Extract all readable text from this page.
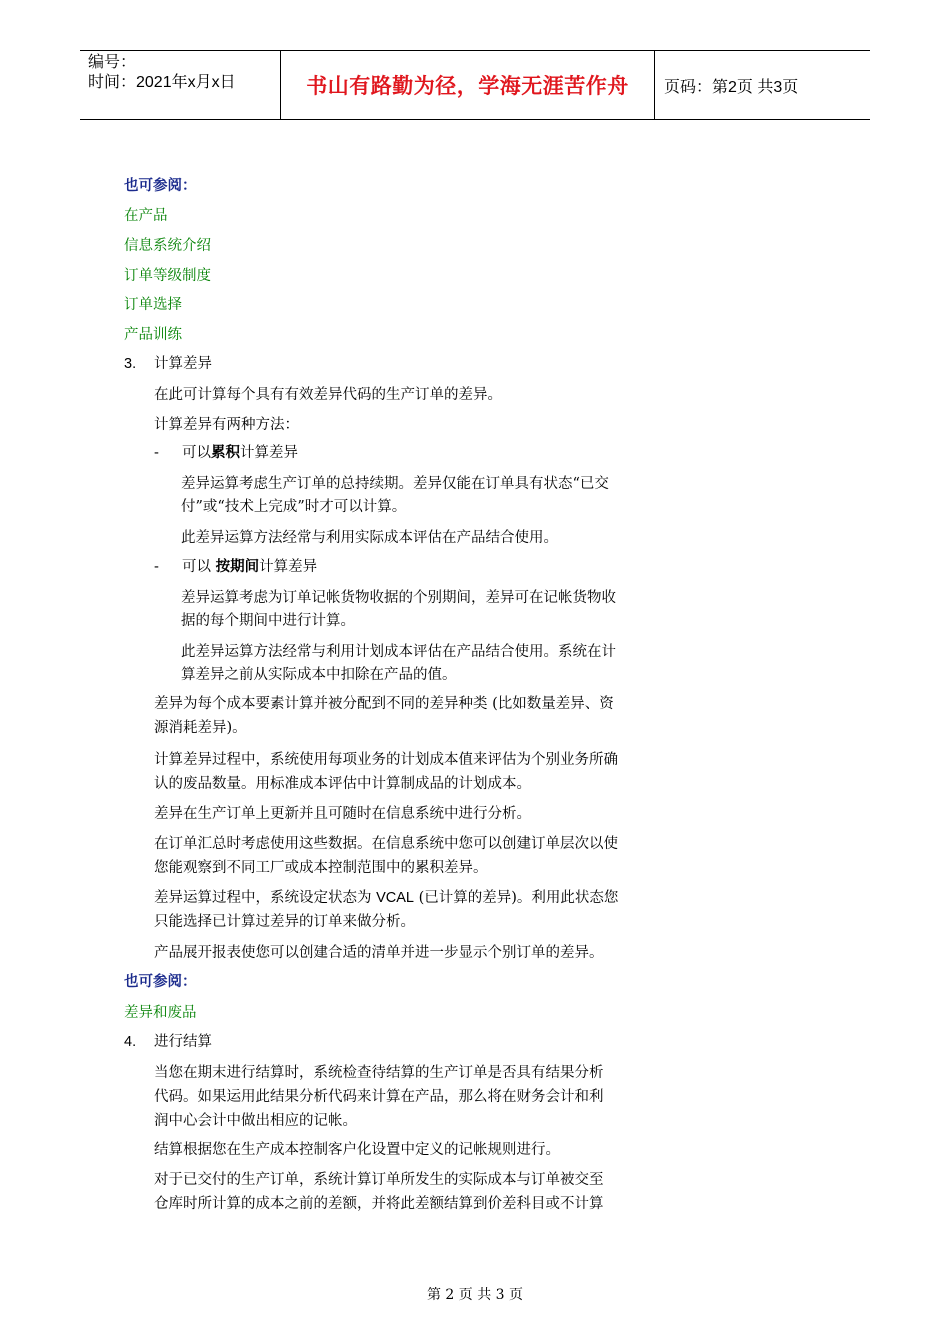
编号：
时间：2021年x月x日	书山有路勤为径，学海无涯苦作舟	页码：第2页 共3页
也可参阅：
在产品
信息系统介绍
订单等级制度
订单选择
产品训练
3. 计算差异
在此可计算每个具有有效差异代码的生产订单的差异。
计算差异有两种方法：
- 可以累积计算差异
差异运算考虑生产订单的总持续期。差异仅能在订单具有状态“已交
付”或“技术上完成”时才可以计算。
此差异运算方法经常与利用实际成本评估在产品结合使用。
- 可以 按期间计算差异
差异运算考虑为订单记帐货物收据的个别期间，差异可在记帐货物收
据的每个期间中进行计算。
此差异运算方法经常与利用计划成本评估在产品结合使用。系统在计
算差异之前从实际成本中扣除在产品的值。
差异为每个成本要素计算并被分配到不同的差异种类 (比如数量差异、资
源消耗差异)。
计算差异过程中，系统使用每项业务的计划成本值来评估为个别业务所确
认的废品数量。用标准成本评估中计算制成品的计划成本。
差异在生产订单上更新并且可随时在信息系统中进行分析。
在订单汇总时考虑使用这些数据。在信息系统中您可以创建订单层次以使
您能观察到不同工厂或成本控制范围中的累积差异。
差异运算过程中，系统设定状态为 VCAL (已计算的差异)。利用此状态您
只能选择已计算过差异的订单来做分析。
产品展开报表使您可以创建合适的清单并进一步显示个别订单的差异。
也可参阅：
差异和废品
4. 进行结算
当您在期末进行结算时，系统检查待结算的生产订单是否具有结果分析
代码。如果运用此结果分析代码来计算在产品，那么将在财务会计和利
润中心会计中做出相应的记帐。
结算根据您在生产成本控制客户化设置中定义的记帐规则进行。
对于已交付的生产订单，系统计算订单所发生的实际成本与订单被交至
仓库时所计算的成本之前的差额，并将此差额结算到价差科目或不计算
第 2 页 共 3 页
